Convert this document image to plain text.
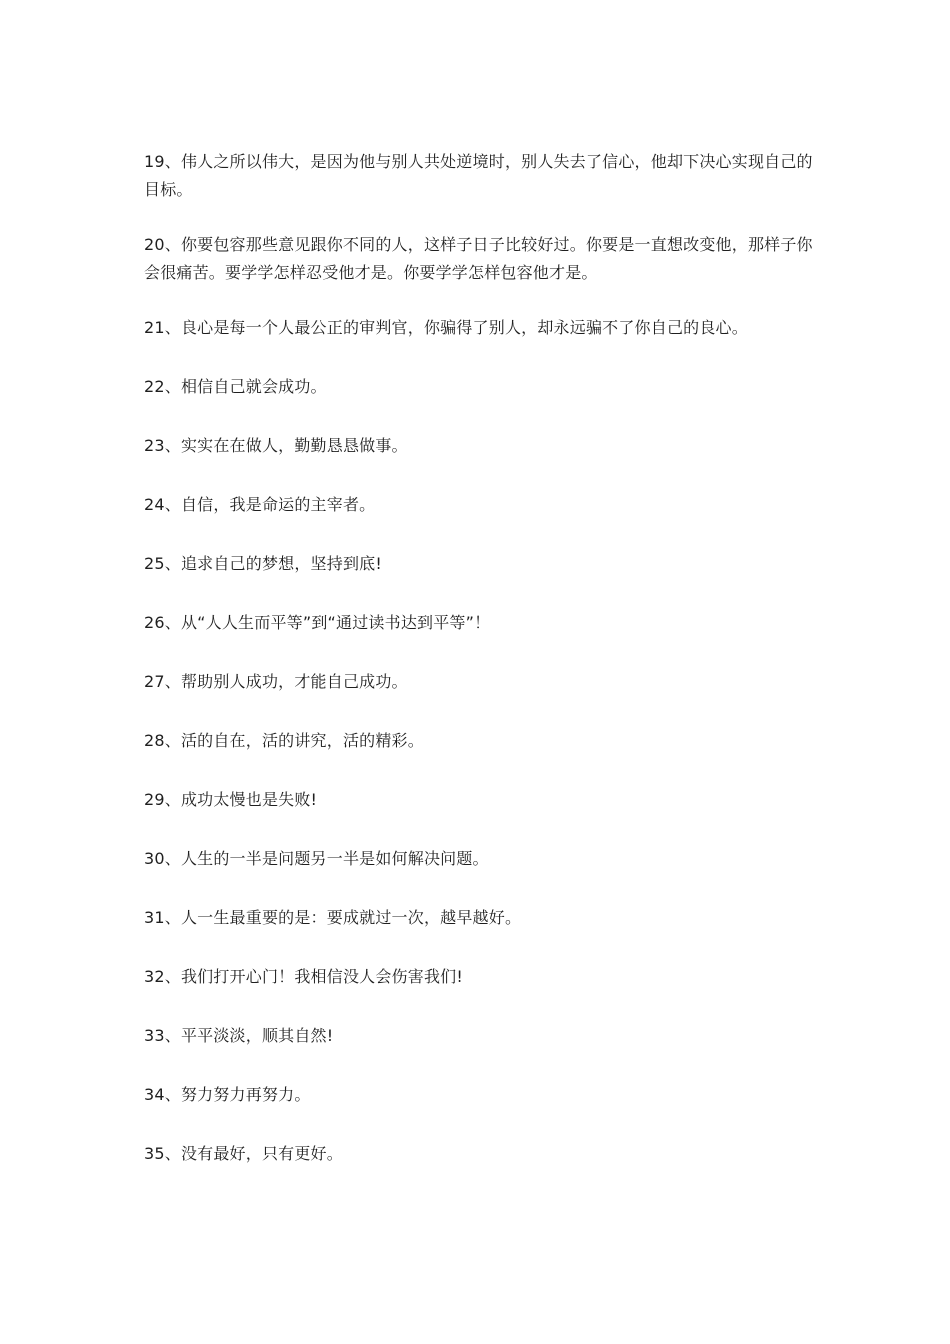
19、伟人之所以伟大，是因为他与别人共处逆境时，别人失去了信心，他却下决心实现自己的目标。

20、你要包容那些意见跟你不同的人，这样子日子比较好过。你要是一直想改变他，那样子你会很痛苦。要学学怎样忍受他才是。你要学学怎样包容他才是。

21、良心是每一个人最公正的审判官，你骗得了别人，却永远骗不了你自己的良心。

22、相信自己就会成功。

23、实实在在做人，勤勤恳恳做事。

24、自信，我是命运的主宰者。

25、追求自己的梦想，坚持到底!

26、从“人人生而平等”到“通过读书达到平等”！

27、帮助别人成功，才能自己成功。

28、活的自在，活的讲究，活的精彩。

29、成功太慢也是失败!

30、人生的一半是问题另一半是如何解决问题。

31、人一生最重要的是：要成就过一次，越早越好。

32、我们打开心门！我相信没人会伤害我们!

33、平平淡淡，顺其自然!

34、努力努力再努力。

35、没有最好，只有更好。
